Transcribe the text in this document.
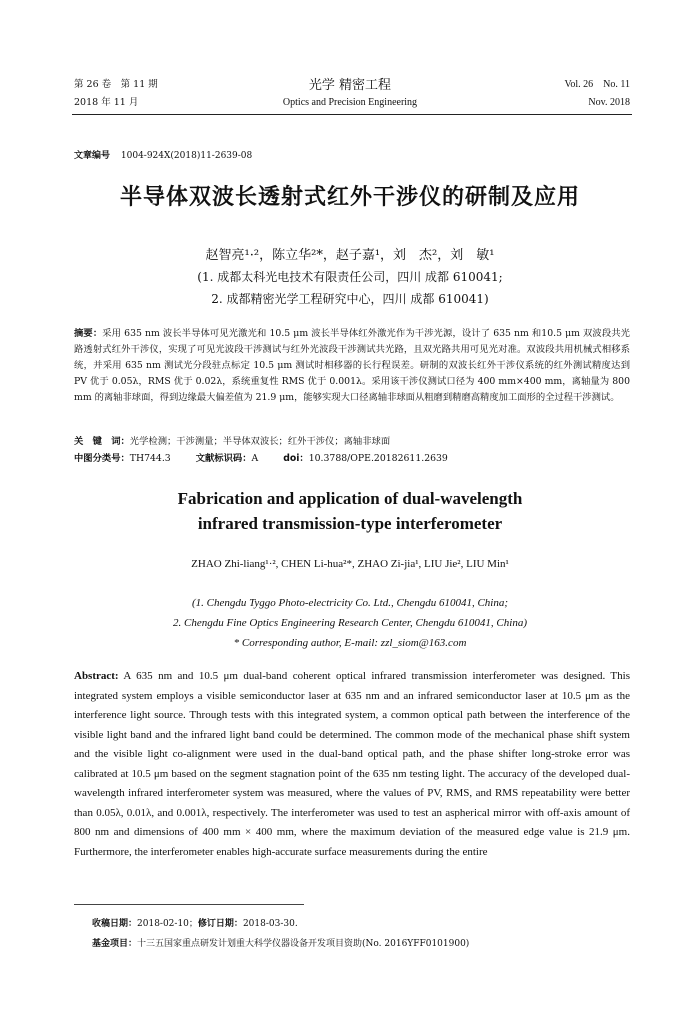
第 26 卷　第 11 期
2018 年 11 月
光学 精密工程
Optics and Precision Engineering
Vol. 26　No. 11
Nov. 2018
文章编号 1004-924X(2018)11-2639-08
半导体双波长透射式红外干涉仪的研制及应用
赵智亮¹·²，陈立华²*，赵子嘉¹，刘　杰²，刘　敏¹
(1. 成都太科光电技术有限责任公司，四川 成都 610041;
2. 成都精密光学工程研究中心，四川 成都 610041)
摘要：采用 635 nm 波长半导体可见光激光和 10.5 μm 波长半导体红外激光作为干涉光源，设计了 635 nm 和10.5 μm 双波段共光路透射式红外干涉仪，实现了可见光波段干涉测试与红外光波段干涉测试共光路，且双光路共用可见光对准。双波段共用机械式相移系统，并采用 635 nm 测试光分段驻点标定 10.5 μm 测试时相移器的长行程误差。研制的双波长红外干涉仪系统的红外测试精度达到 PV 优于 0.05λ，RMS 优于 0.02λ，系统重复性 RMS 优于 0.001λ。采用该干涉仪测试口径为 400 mm×400 mm，离轴量为 800 mm 的离轴非球面，得到边缘最大偏差值为 21.9 μm，能够实现大口径离轴非球面从粗磨到精磨高精度加工面形的全过程干涉测试。
关　键　词：光学检测；干涉测量；半导体双波长；红外干涉仪；离轴非球面
中图分类号：TH744.3	文献标识码：A	doi：10.3788/OPE.20182611.2639
Fabrication and application of dual-wavelength
infrared transmission-type interferometer
ZHAO Zhi-liang¹·², CHEN Li-hua²*, ZHAO Zi-jia¹, LIU Jie², LIU Min¹
(1. Chengdu Tyggo Photo-electricity Co. Ltd., Chengdu 610041, China;
2. Chengdu Fine Optics Engineering Research Center, Chengdu 610041, China)
* Corresponding author, E-mail: zzl_siom@163.com
Abstract: A 635 nm and 10.5 μm dual-band coherent optical infrared transmission interferometer was designed. This integrated system employs a visible semiconductor laser at 635 nm and an infrared semiconductor laser at 10.5 μm as the interference light source. Through tests with this integrated system, a common optical path between the interference of the visible light band and the infrared light band could be determined. The common mode of the mechanical phase shift system and the visible light co-alignment were used in the dual-band optical path, and the phase shifter long-stroke error was calibrated at 10.5 μm based on the segment stagnation point of the 635 nm testing light. The accuracy of the developed dual-wavelength infrared interferometer system was measured, where the values of PV, RMS, and RMS repeatability were better than 0.05λ, 0.01λ, and 0.001λ, respectively. The interferometer was used to test an aspherical mirror with off-axis amount of 800 nm and dimensions of 400 mm × 400 mm, where the maximum deviation of the measured edge value is 21.9 μm. Furthermore, the interferometer enables high-accurate surface measurements during the entire
收稿日期：2018-02-10；修订日期：2018-03-30.
基金项目：十三五国家重点研发计划重大科学仪器设备开发项目资助(No. 2016YFF0101900)
